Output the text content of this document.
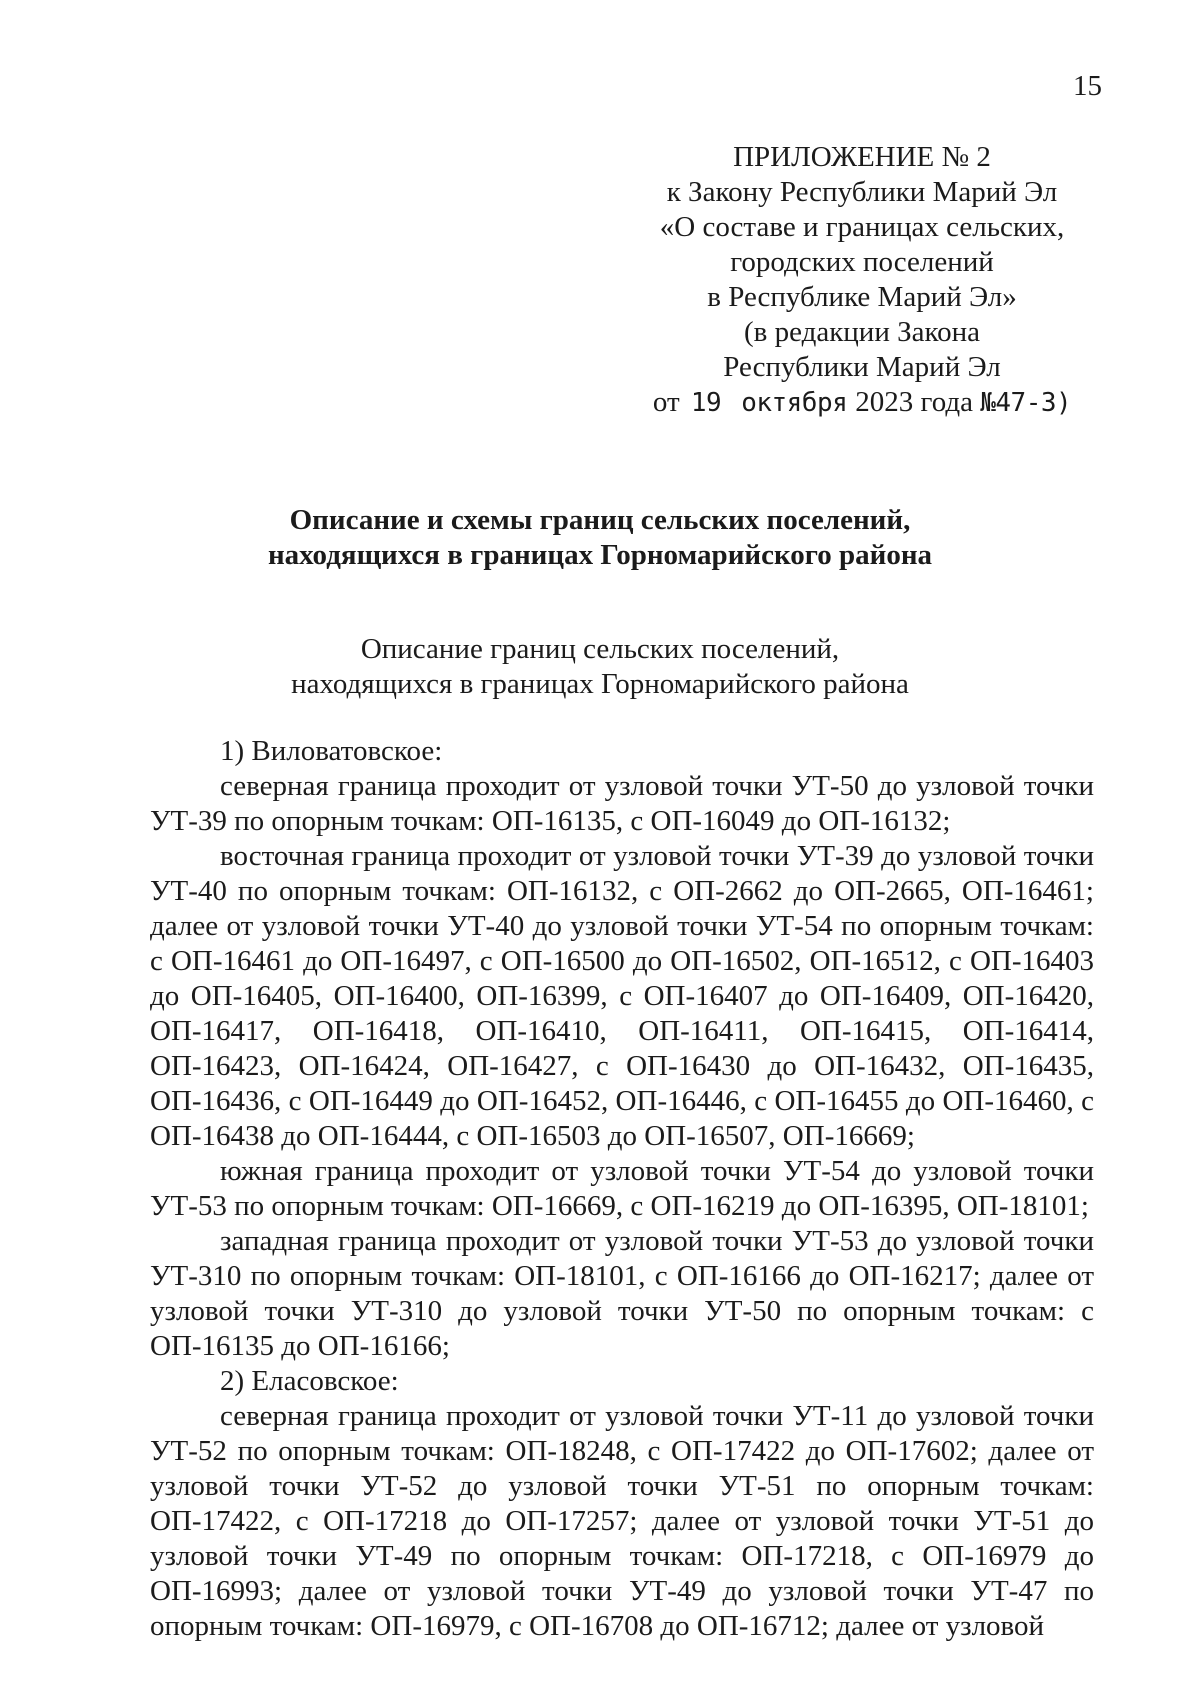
15
ПРИЛОЖЕНИЕ № 2
к Закону Республики Марий Эл
«О составе и границах сельских,
городских поселений
в Республике Марий Эл»
(в редакции Закона
Республики Марий Эл
от 19 октября 2023 года №47-З)
Описание и схемы границ сельских поселений,
находящихся в границах Горномарийского района
Описание границ сельских поселений,
находящихся в границах Горномарийского района

1) Виловатовское:

северная граница проходит от узловой точки УТ-50 до узловой точки УТ-39 по опорным точкам: ОП-16135, с ОП-16049 до ОП-16132;

восточная граница проходит от узловой точки УТ-39 до узловой точки УТ-40 по опорным точкам: ОП-16132, с ОП-2662 до ОП-2665, ОП-16461; далее от узловой точки УТ-40 до узловой точки УТ-54 по опорным точкам: с ОП-16461 до ОП-16497, с ОП-16500 до ОП-16502, ОП-16512, с ОП-16403 до ОП-16405, ОП-16400, ОП-16399, с ОП-16407 до ОП-16409, ОП-16420, ОП-16417, ОП-16418, ОП-16410, ОП-16411, ОП-16415, ОП-16414, ОП-16423, ОП-16424, ОП-16427, с ОП-16430 до ОП-16432, ОП-16435, ОП-16436, с ОП-16449 до ОП-16452, ОП-16446, с ОП-16455 до ОП-16460, с ОП-16438 до ОП-16444, с ОП-16503 до ОП-16507, ОП-16669;

южная граница проходит от узловой точки УТ-54 до узловой точки УТ-53 по опорным точкам: ОП-16669, с ОП-16219 до ОП-16395, ОП-18101;

западная граница проходит от узловой точки УТ-53 до узловой точки УТ-310 по опорным точкам: ОП-18101, с ОП-16166 до ОП-16217; далее от узловой точки УТ-310 до узловой точки УТ-50 по опорным точкам: с ОП-16135 до ОП-16166;

2) Еласовское:

северная граница проходит от узловой точки УТ-11 до узловой точки УТ-52 по опорным точкам: ОП-18248, с ОП-17422 до ОП-17602; далее от узловой точки УТ-52 до узловой точки УТ-51 по опорным точкам: ОП-17422, с ОП-17218 до ОП-17257; далее от узловой точки УТ-51 до узловой точки УТ-49 по опорным точкам: ОП-17218, с ОП-16979 до ОП-16993; далее от узловой точки УТ-49 до узловой точки УТ-47 по опорным точкам: ОП-16979, с ОП-16708 до ОП-16712; далее от узловой
